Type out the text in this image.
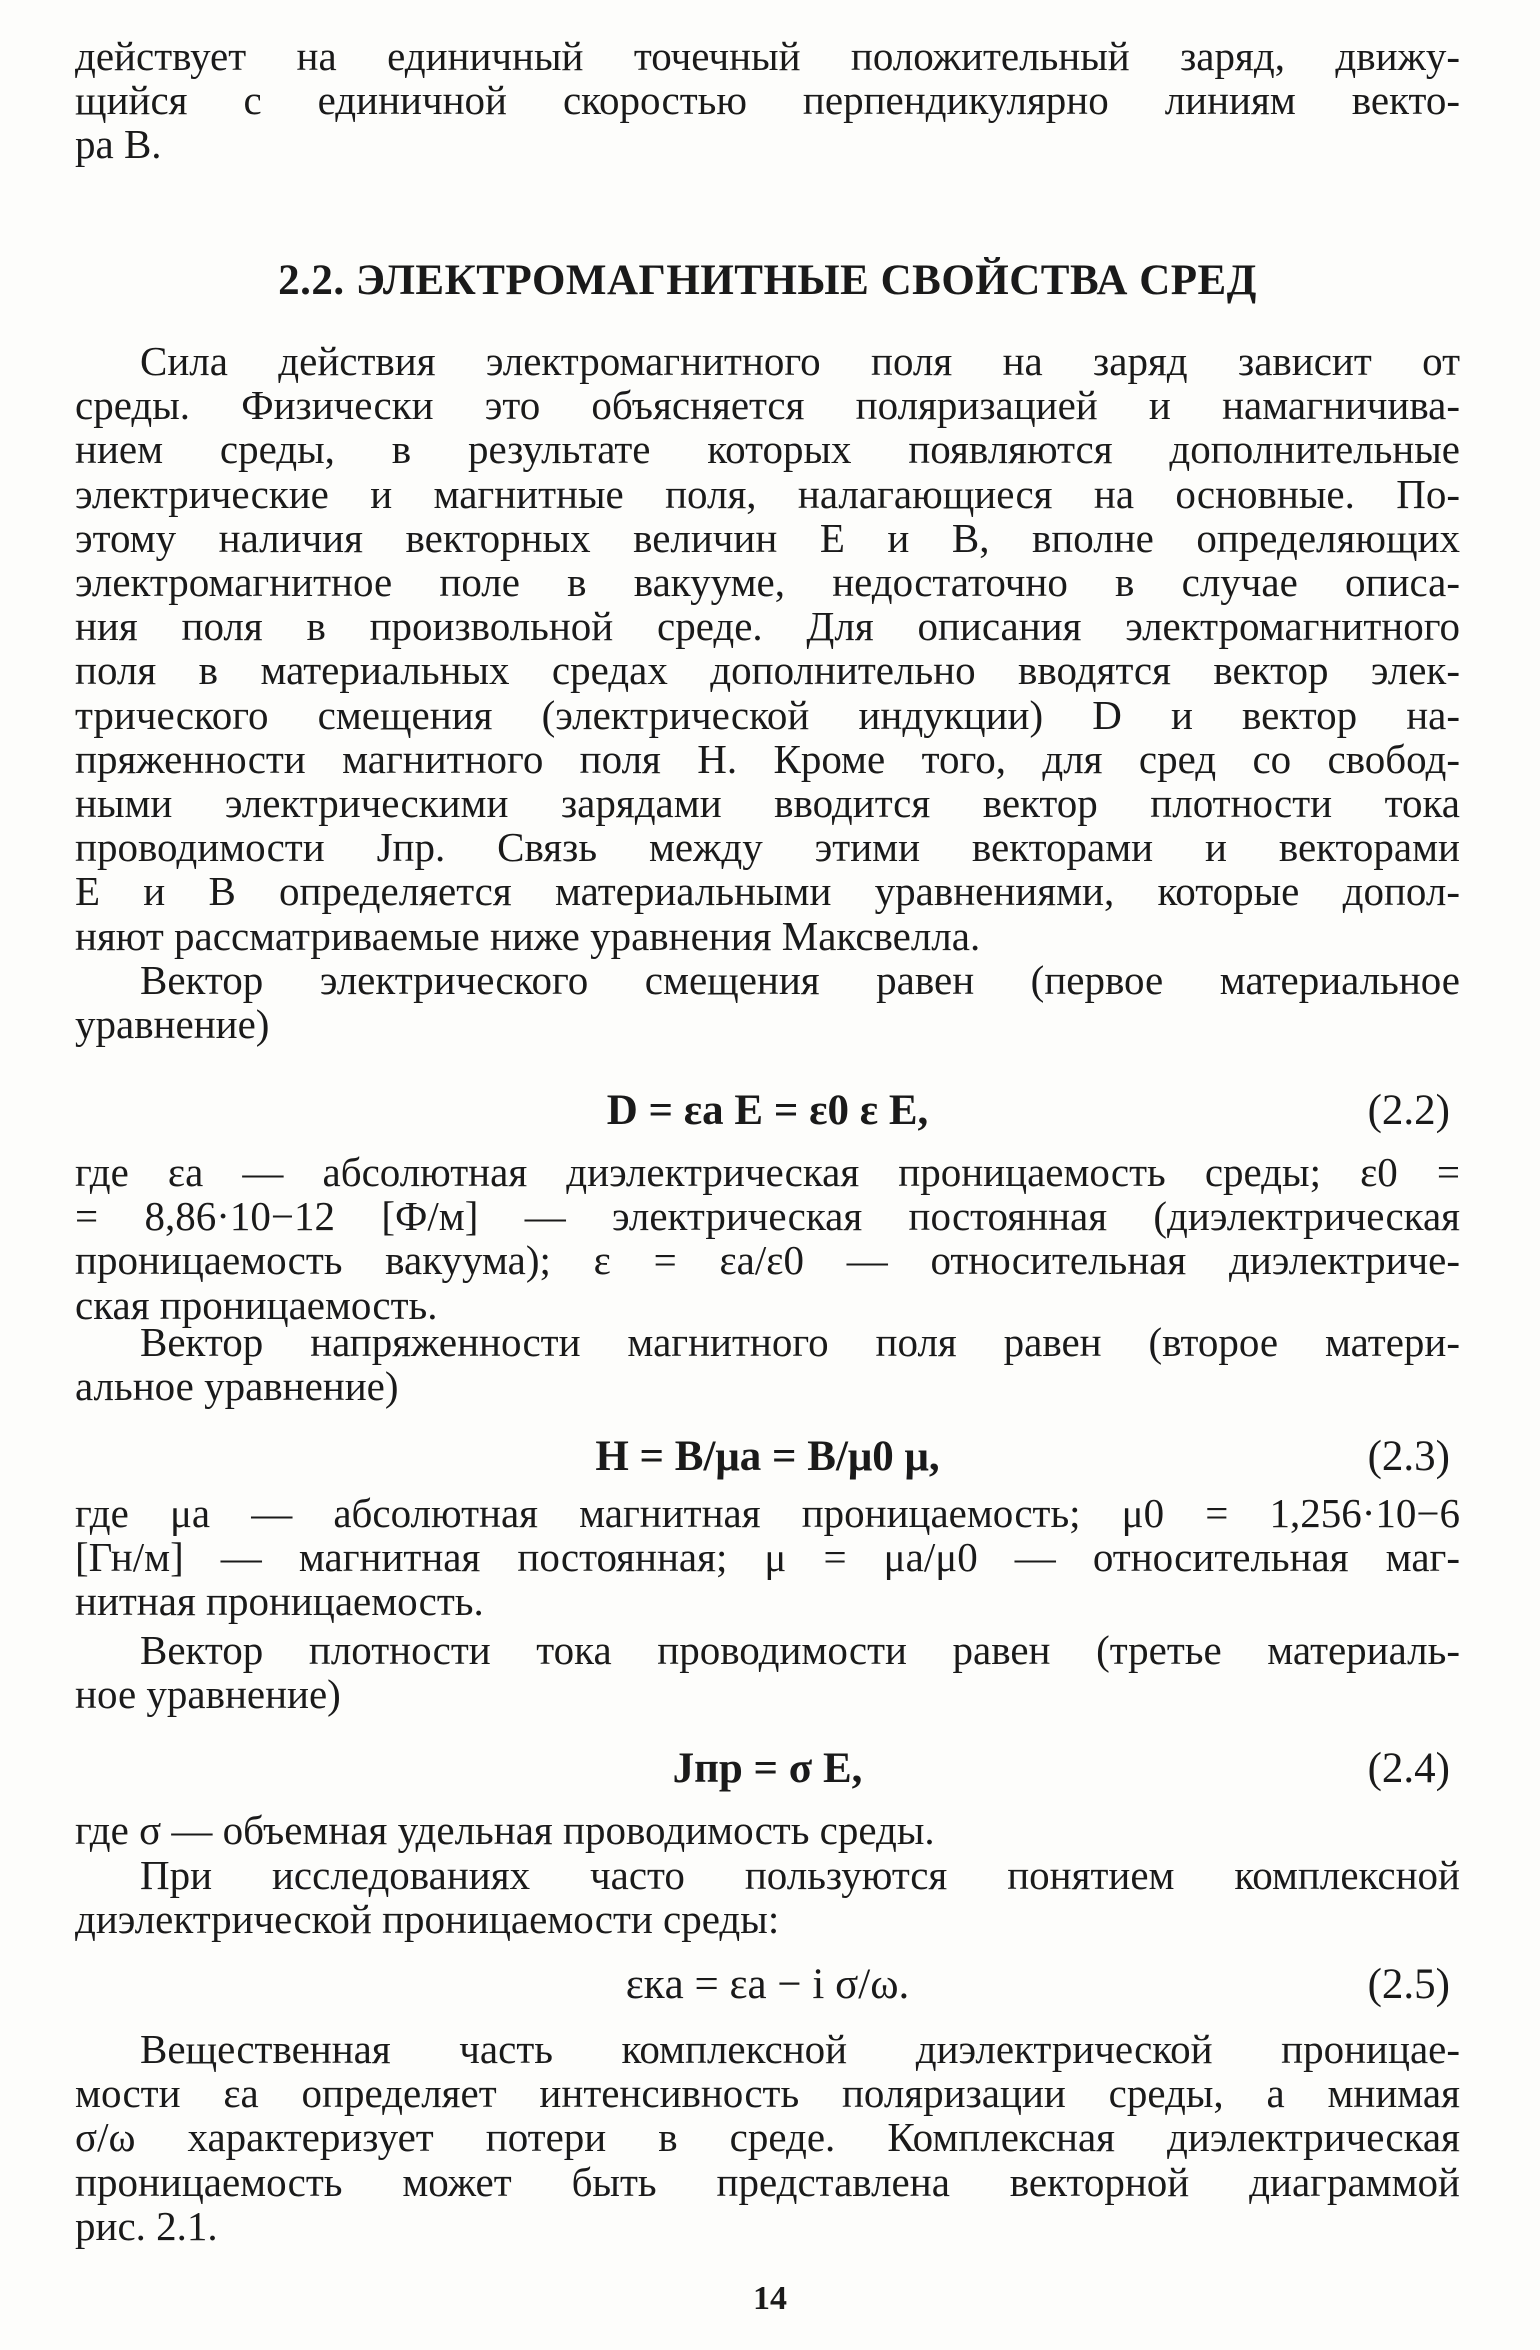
действует на единичный точечный положительный заряд, движу-
щийся с единичной скоростью перпендикулярно линиям векто-
ра B.
2.2. ЭЛЕКТРОМАГНИТНЫЕ СВОЙСТВА СРЕД
Сила действия электромагнитного поля на заряд зависит от
среды. Физически это объясняется поляризацией и намагничива-
нием среды, в результате которых появляются дополнительные
электрические и магнитные поля, налагающиеся на основные. По-
этому наличия векторных величин E и B, вполне определяющих
электромагнитное поле в вакууме, недостаточно в случае описа-
ния поля в произвольной среде. Для описания электромагнитного
поля в материальных средах дополнительно вводятся вектор элек-
трического смещения (электрической индукции) D и вектор на-
пряженности магнитного поля H. Кроме того, для сред со свобод-
ными электрическими зарядами вводится вектор плотности тока
проводимости Jпр. Связь между этими векторами и векторами
E и B определяется материальными уравнениями, которые допол-
няют рассматриваемые ниже уравнения Максвелла.
Вектор электрического смещения равен (первое материальное
уравнение)
D = εa E = ε0 ε E,	(2.2)
где εa — абсолютная диэлектрическая проницаемость среды; ε0 =
= 8,86·10−12 [Ф/м] — электрическая постоянная (диэлектрическая
проницаемость вакуума); ε = εa/ε0 — относительная диэлектриче-
ская проницаемость.
Вектор напряженности магнитного поля равен (второе матери-
альное уравнение)
H = B/μa = B/μ0 μ,	(2.3)
где μa — абсолютная магнитная проницаемость; μ0 = 1,256·10−6
[Гн/м] — магнитная постоянная; μ = μa/μ0 — относительная маг-
нитная проницаемость.
Вектор плотности тока проводимости равен (третье материаль-
ное уравнение)
Jпр = σ E,	(2.4)
где σ — объемная удельная проводимость среды.
При исследованиях часто пользуются понятием комплексной
диэлектрической проницаемости среды:
εкa = εa − i σ/ω.	(2.5)
Вещественная часть комплексной диэлектрической проницае-
мости εa определяет интенсивность поляризации среды, а мнимая
σ/ω характеризует потери в среде. Комплексная диэлектрическая
проницаемость может быть представлена векторной диаграммой
рис. 2.1.
14
